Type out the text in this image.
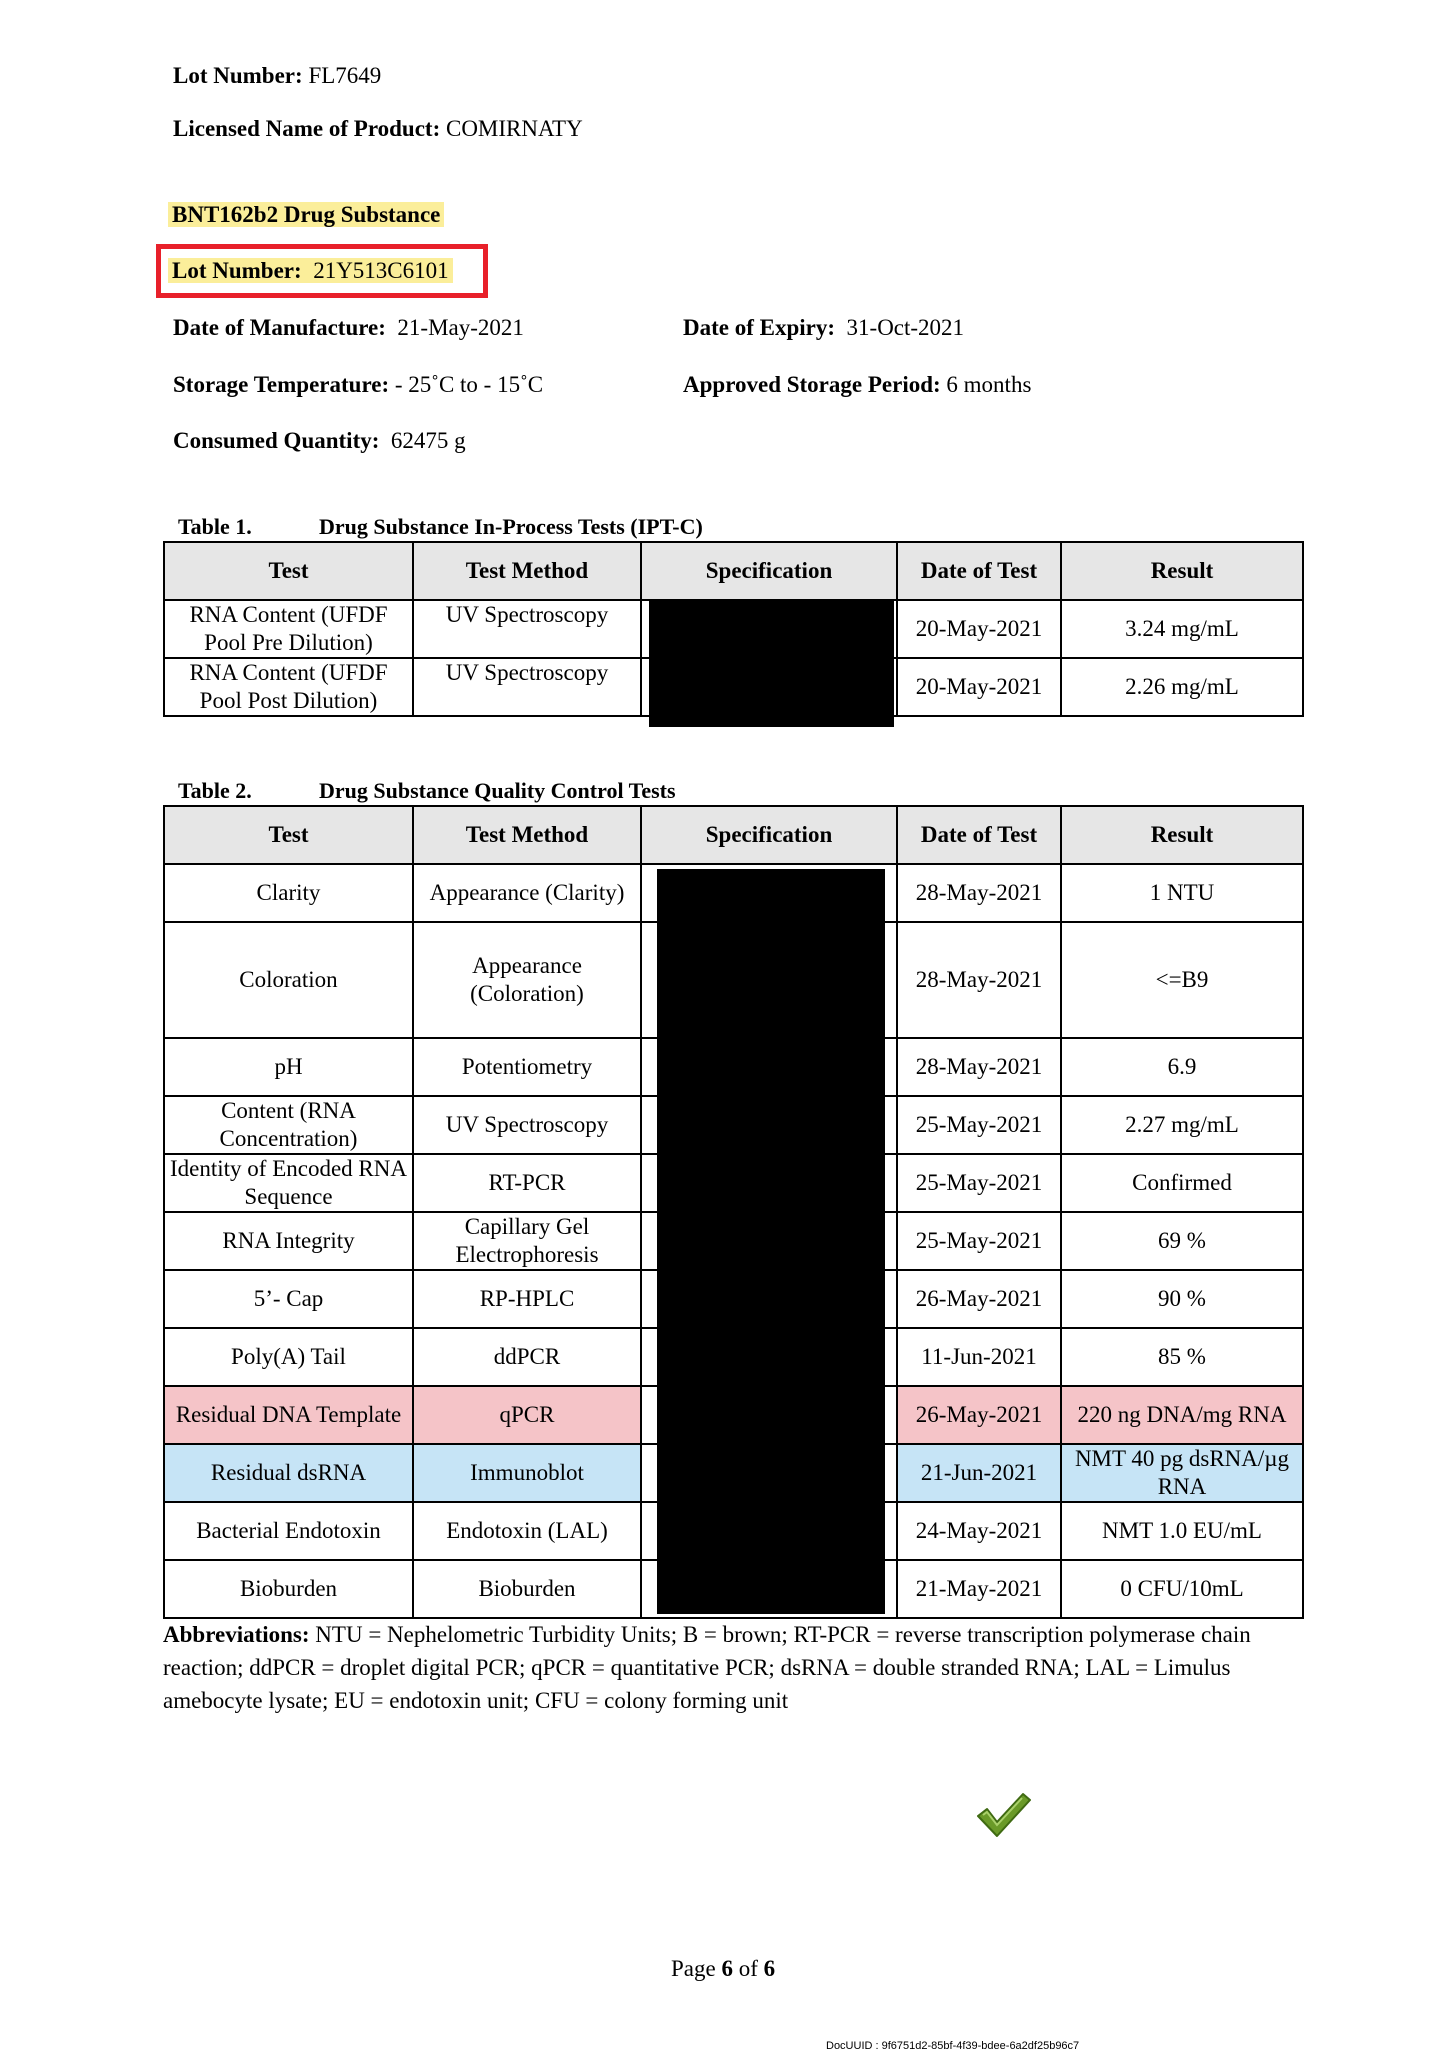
Lot Number: FL7649
Licensed Name of Product: COMIRNATY
BNT162b2 Drug Substance
Lot Number: 21Y513C6101
Date of Manufacture: 21-May-2021	Date of Expiry: 31-Oct-2021
Storage Temperature: - 25˚C to - 15˚C	Approved Storage Period: 6 months
Consumed Quantity: 62475 g
Table 1.	Drug Substance In-Process Tests (IPT-C)
Test	Test Method	Specification	Date of Test	Result
RNA Content (UFDF Pool Pre Dilution)	UV Spectroscopy		20-May-2021	3.24 mg/mL
RNA Content (UFDF Pool Post Dilution)	UV Spectroscopy		20-May-2021	2.26 mg/mL
Table 2.	Drug Substance Quality Control Tests
Test	Test Method	Specification	Date of Test	Result
Clarity	Appearance (Clarity)		28-May-2021	1 NTU
Coloration	Appearance (Coloration)		28-May-2021	<=B9
pH	Potentiometry		28-May-2021	6.9
Content (RNA Concentration)	UV Spectroscopy		25-May-2021	2.27 mg/mL
Identity of Encoded RNA Sequence	RT-PCR		25-May-2021	Confirmed
RNA Integrity	Capillary Gel Electrophoresis		25-May-2021	69 %
5’- Cap	RP-HPLC		26-May-2021	90 %
Poly(A) Tail	ddPCR		11-Jun-2021	85 %
Residual DNA Template	qPCR		26-May-2021	220 ng DNA/mg RNA
Residual dsRNA	Immunoblot		21-Jun-2021	NMT 40 pg dsRNA/µg RNA
Bacterial Endotoxin	Endotoxin (LAL)		24-May-2021	NMT 1.0 EU/mL
Bioburden	Bioburden		21-May-2021	0 CFU/10mL
Abbreviations: NTU = Nephelometric Turbidity Units; B = brown; RT-PCR = reverse transcription polymerase chain reaction; ddPCR = droplet digital PCR; qPCR = quantitative PCR; dsRNA = double stranded RNA; LAL = Limulus amebocyte lysate; EU = endotoxin unit; CFU = colony forming unit
Page 6 of 6
DocUUID : 9f6751d2-85bf-4f39-bdee-6a2df25b96c7
